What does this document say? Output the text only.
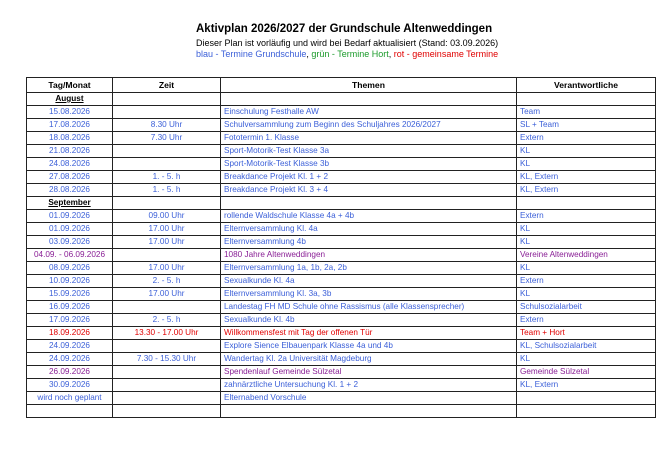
Aktivplan 2026/2027 der Grundschule Altenweddingen
Dieser Plan ist vorläufig und wird bei Bedarf aktualisiert (Stand: 03.09.2026)
blau - Termine Grundschule, grün - Termine Hort, rot - gemeinsame Termine
Tag/Monat	Zeit	Themen	Verantwortliche
August			
15.08.2026		Einschulung Festhalle AW	Team
17.08.2026	8.30 Uhr	Schulversammlung zum Beginn des Schuljahres 2026/2027	SL + Team
18.08.2026	7.30 Uhr	Fototermin 1. Klasse	Extern
21.08.2026		Sport-Motorik-Test Klasse 3a	KL
24.08.2026		Sport-Motorik-Test Klasse 3b	KL
27.08.2026	1. - 5. h	Breakdance Projekt Kl. 1 + 2	KL, Extern
28.08.2026	1. - 5. h	Breakdance Projekt Kl. 3 + 4	KL, Extern
September			
01.09.2026	09.00 Uhr	rollende Waldschule Klasse 4a + 4b	Extern
01.09.2026	17.00 Uhr	Elternversammlung Kl. 4a	KL
03.09.2026	17.00 Uhr	Elternversammlung 4b	KL
04.09. - 06.09.2026		1080 Jahre Altenweddingen	Vereine Altenweddingen
08.09.2026	17.00 Uhr	Elternversammlung 1a, 1b, 2a, 2b	KL
10.09.2026	2. - 5. h	Sexualkunde Kl. 4a	Extern
15.09.2026	17.00 Uhr	Elternversammlung Kl. 3a, 3b	KL
16.09.2026		Landestag FH MD Schule ohne Rassismus (alle Klassensprecher)	Schulsozialarbeit
17.09.2026	2. - 5. h	Sexualkunde Kl. 4b	Extern
18.09.2026	13.30 - 17.00 Uhr	Willkommensfest mit Tag der offenen Tür	Team + Hort
24.09.2026		Explore Sience Elbauenpark Klasse 4a und 4b	KL, Schulsozialarbeit
24.09.2026	7.30 - 15.30 Uhr	Wandertag Kl. 2a Universität Magdeburg	KL
26.09.2026		Spendenlauf Gemeinde Sülzetal	Gemeinde Sülzetal
30.09.2026		zahnärztliche Untersuchung Kl. 1 + 2	KL, Extern
wird noch geplant		Elternabend Vorschule	
